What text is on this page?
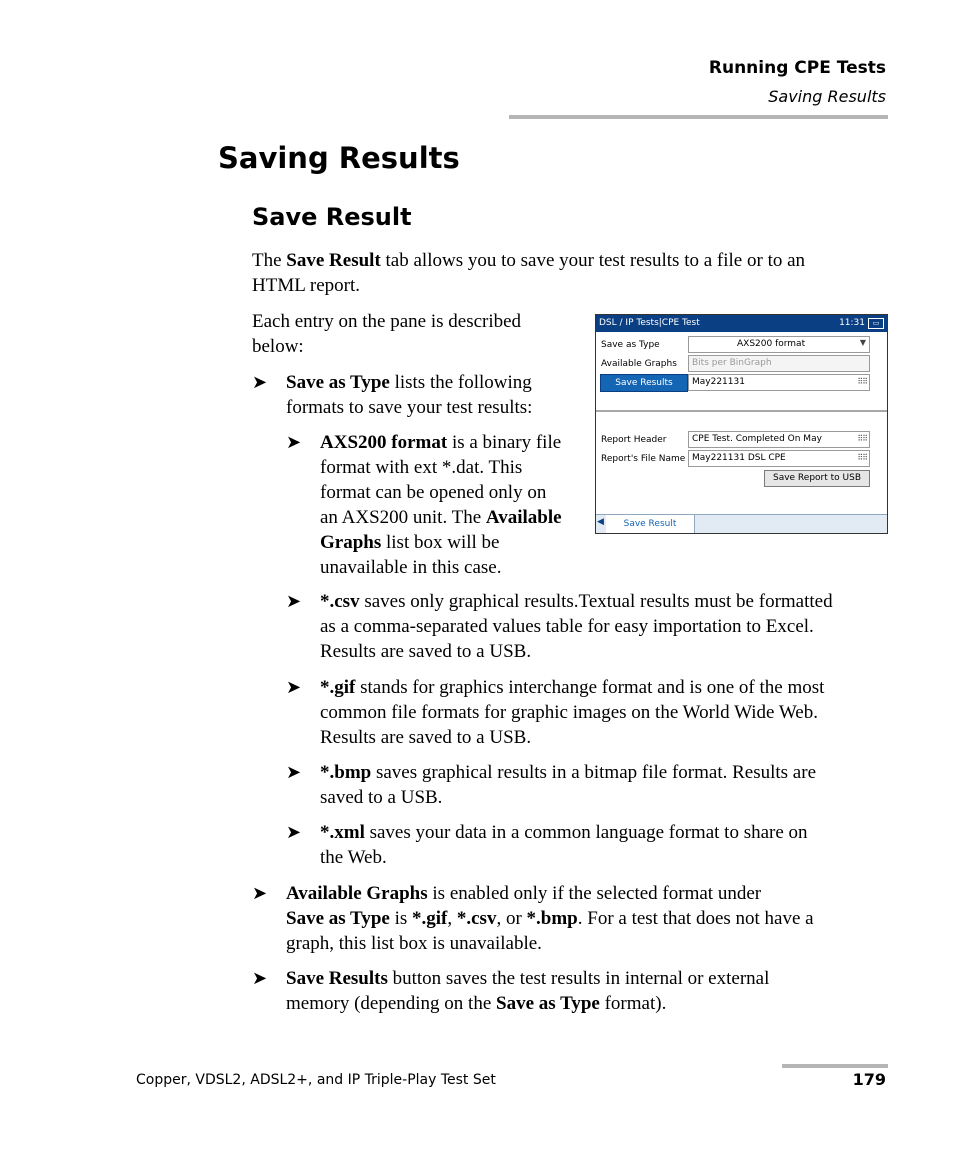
Running CPE Tests
Saving Results
Saving Results
Save Result

The Save Result tab allows you to save your test results to a file or to an

HTML report.

Each entry on the pane is described

below:

➤ Save as Type lists the following
formats to save your test results:
➤ AXS200 format is a binary file
format with ext *.dat. This
format can be opened only on
an AXS200 unit. The Available
Graphs list box will be
unavailable in this case.
➤ *.csv saves only graphical results.Textual results must be formatted
as a comma-separated values table for easy importation to Excel.
Results are saved to a USB.
➤ *.gif stands for graphics interchange format and is one of the most
common file formats for graphic images on the World Wide Web.
Results are saved to a USB.
➤ *.bmp saves graphical results in a bitmap file format. Results are
saved to a USB.
➤ *.xml saves your data in a common language format to share on
the Web.
➤ Available Graphs is enabled only if the selected format under
Save as Type is *.gif, *.csv, or *.bmp. For a test that does not have a
graph, this list box is unavailable.
➤ Save Results button saves the test results in internal or external
memory (depending on the Save as Type format).
DSL / IP Tests|CPE Test	11:31	▭
Save as Type	AXS200 format	▼
Available Graphs Bits per BinGraph
Save Results	May221131	⠿⠿
Report Header	CPE Test. Completed On May	⠿⠿
Report's File Name May221131 DSL CPE	⠿⠿
Save Report to USB
◀	Save Result
Copper, VDSL2, ADSL2+, and IP Triple-Play Test Set	179
